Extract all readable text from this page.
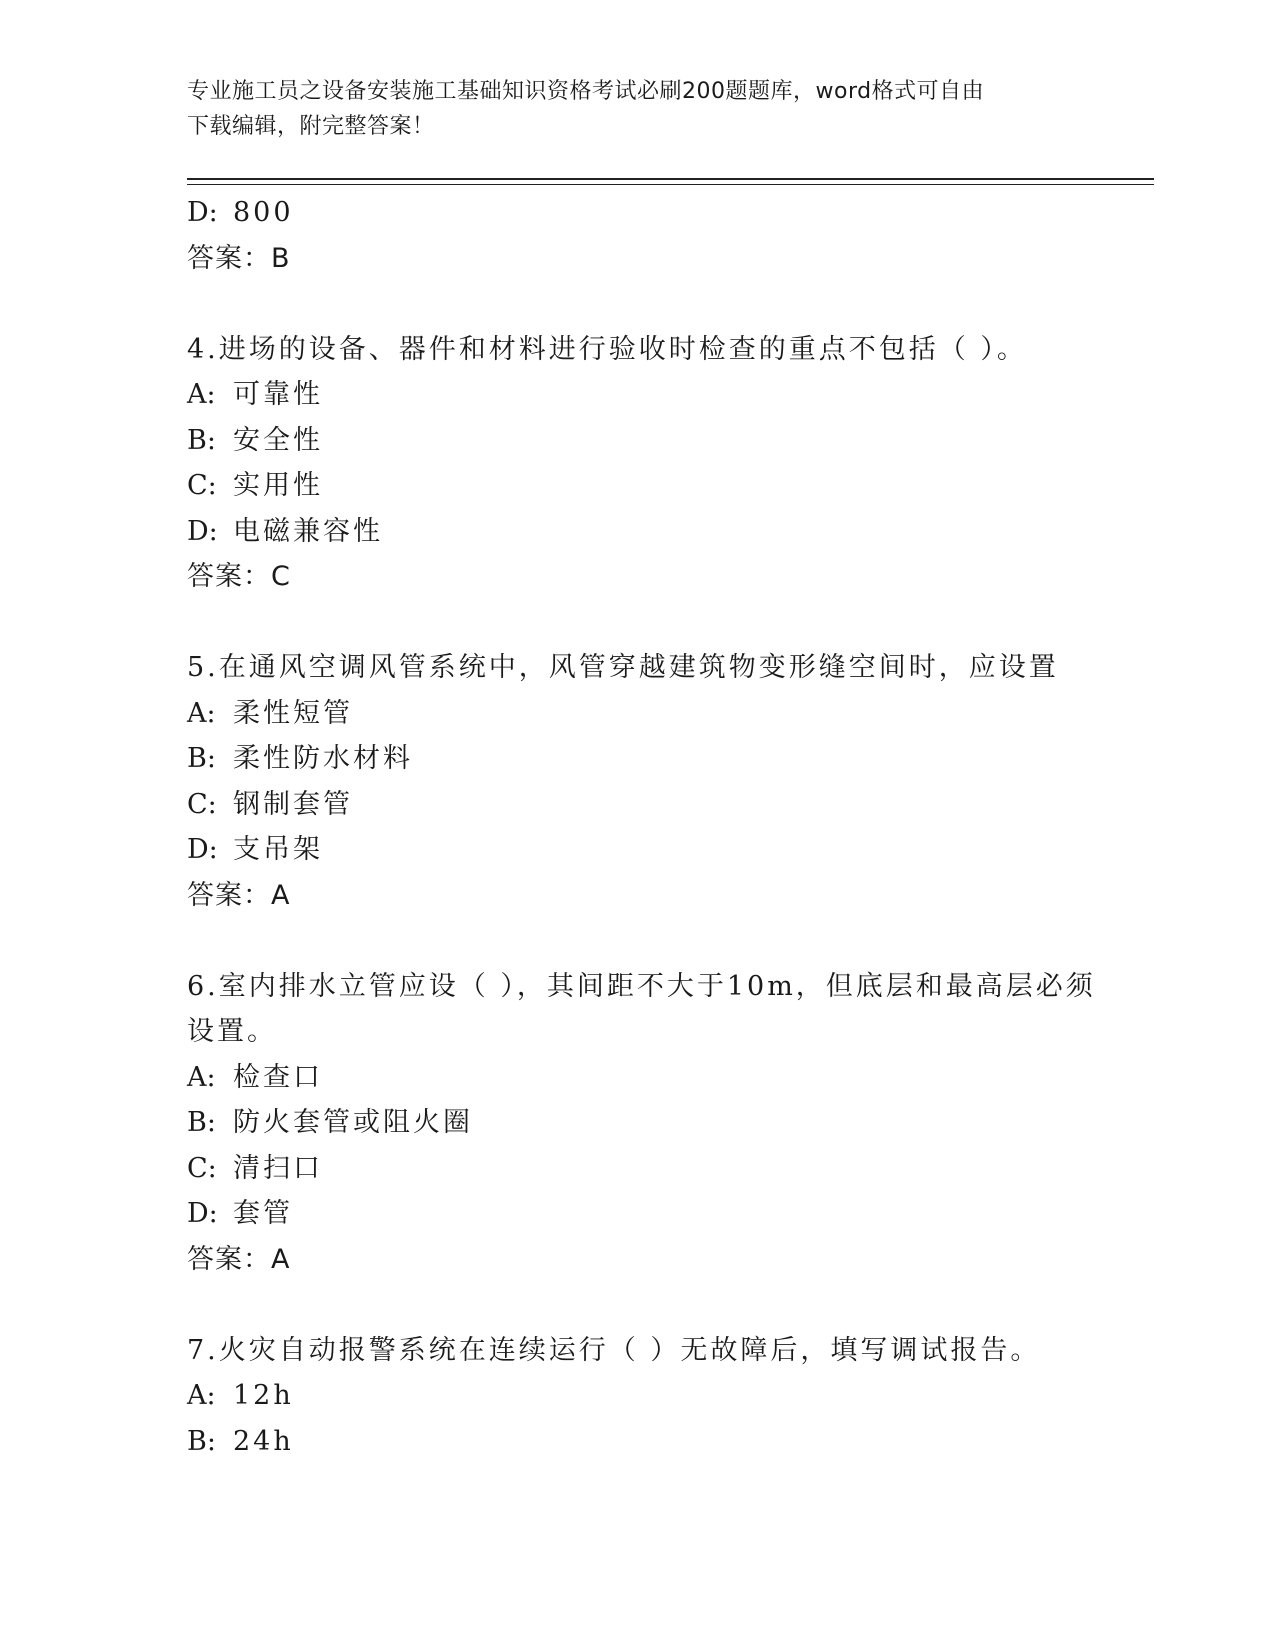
专业施工员之设备安装施工基础知识资格考试必刷200题题库，word格式可自由
下载编辑，附完整答案！
D: 800
答案：B
4.进场的设备、器件和材料进行验收时检查的重点不包括（ ）。
A: 可靠性
B: 安全性
C: 实用性
D: 电磁兼容性
答案：C
5.在通风空调风管系统中，风管穿越建筑物变形缝空间时，应设置
A: 柔性短管
B: 柔性防水材料
C: 钢制套管
D: 支吊架
答案：A
6.室内排水立管应设（ ），其间距不大于10m，但底层和最高层必须
设置。
A: 检查口
B: 防火套管或阻火圈
C: 清扫口
D: 套管
答案：A
7.火灾自动报警系统在连续运行（ ）无故障后，填写调试报告。
A: 12h
B: 24h
